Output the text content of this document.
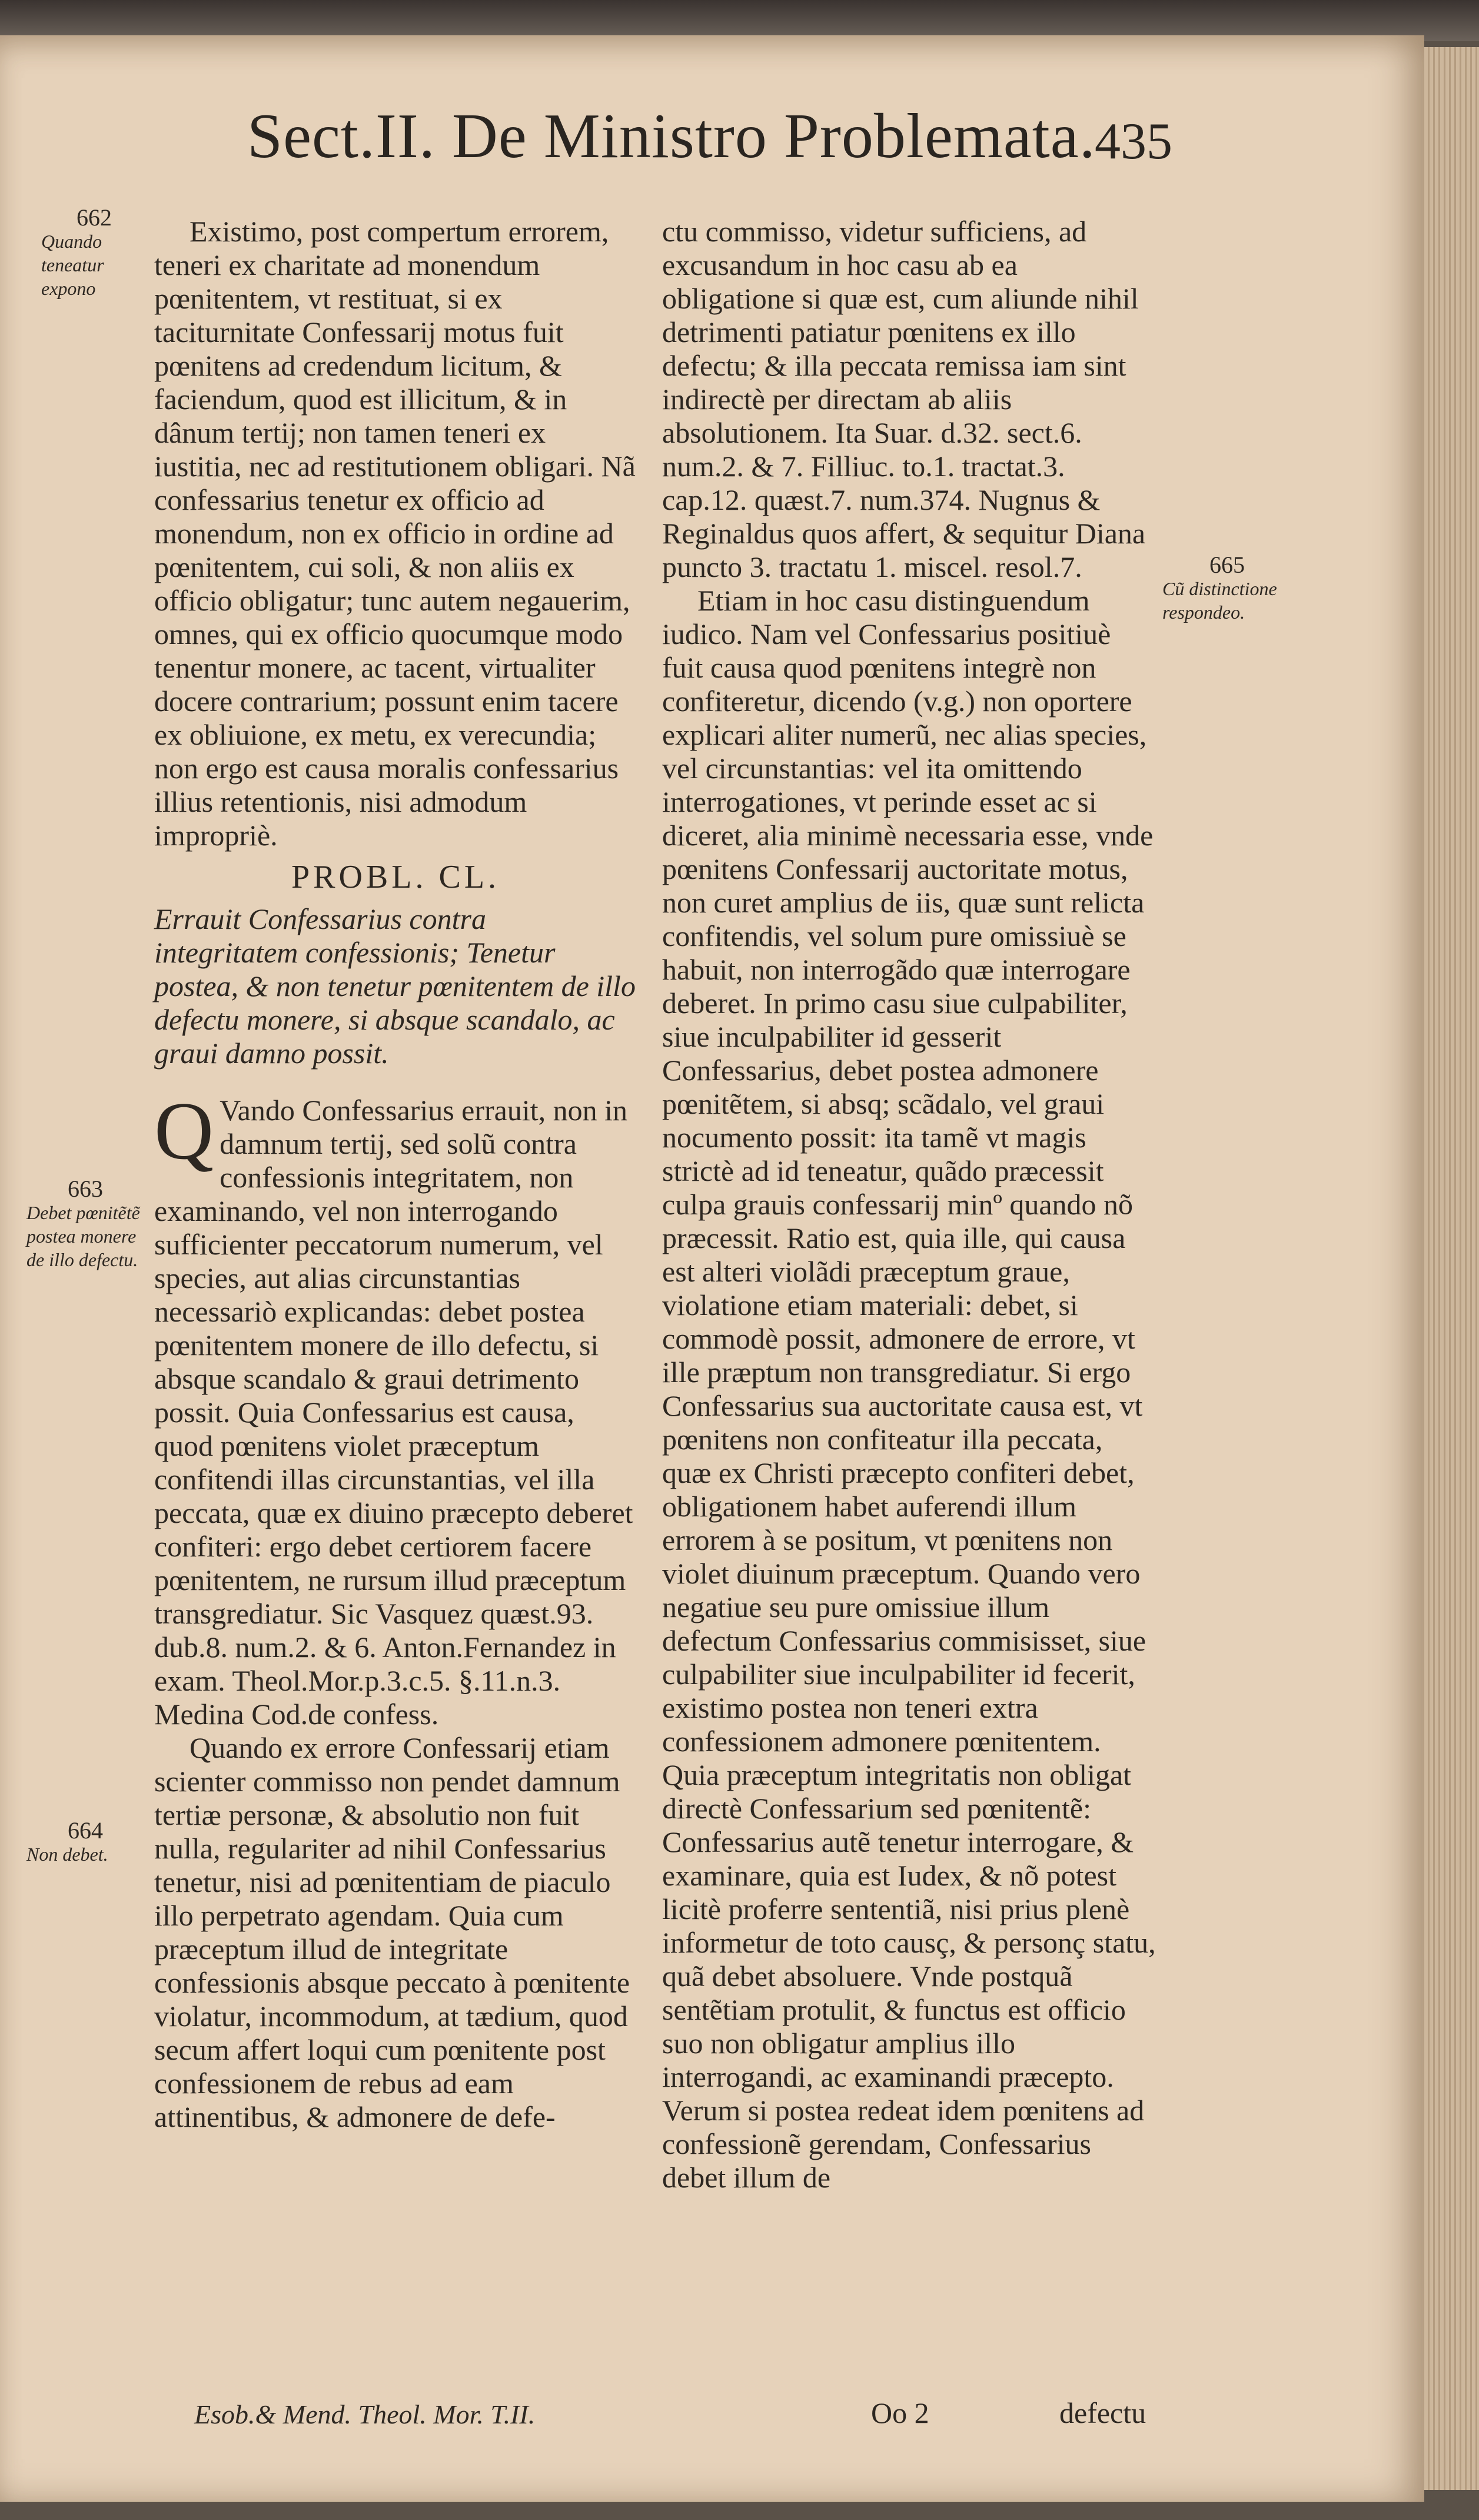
Sect.II. De Ministro Problemata.
435
662
Quando teneatur expono
663
Debet pœnitẽtẽ postea monere de illo defectu.
664
Non debet.
665
Cũ distinctione respondeo.

Existimo, post compertum errorem, teneri ex charitate ad monendum pœnitentem, vt restituat, si ex taciturnitate Confessarij motus fuit pœnitens ad credendum licitum, & faciendum, quod est illicitum, & in dânum tertij; non tamen teneri ex iustitia, nec ad restitutionem obligari. Nã confessarius tenetur ex officio ad monendum, non ex officio in ordine ad pœnitentem, cui soli, & non aliis ex officio obligatur; tunc autem negauerim, omnes, qui ex officio quocumque modo tenentur monere, ac tacent, virtualiter docere contrarium; possunt enim tacere ex obliuione, ex metu, ex verecundia; non ergo est causa moralis confessarius illius retentionis, nisi admodum impropriè.

PROBL. CL.

Errauit Confessarius contra integritatem confessionis; Tenetur postea, & non tenetur pœnitentem de illo defectu monere, si absque scandalo, ac graui damno possit.

Q Vando Confessarius errauit, non in damnum tertij, sed solũ contra confessionis integritatem, non examinando, vel non interrogando sufficienter peccatorum numerum, vel species, aut alias circunstantias necessariò explicandas: debet postea pœnitentem monere de illo defectu, si absque scandalo & graui detrimento possit. Quia Confessarius est causa, quod pœnitens violet præceptum confitendi illas circunstantias, vel illa peccata, quæ ex diuino præcepto deberet confiteri: ergo debet certiorem facere pœnitentem, ne rursum illud præceptum transgrediatur. Sic Vasquez quæst.93. dub.8. num.2. & 6. Anton.Fernandez in exam. Theol.Mor.p.3.c.5. §.11.n.3. Medina Cod.de confess.

Quando ex errore Confessarij etiam scienter commisso non pendet damnum tertiæ personæ, & absolutio non fuit nulla, regulariter ad nihil Confessarius tenetur, nisi ad pœnitentiam de piaculo illo perpetrato agendam. Quia cum præceptum illud de integritate confessionis absque peccato à pœnitente violatur, incommodum, at tædium, quod secum affert loqui cum pœnitente post confessionem de rebus ad eam attinentibus, & admonere de defe-

ctu commisso, videtur sufficiens, ad excusandum in hoc casu ab ea obligatione si quæ est, cum aliunde nihil detrimenti patiatur pœnitens ex illo defectu; & illa peccata remissa iam sint indirectè per directam ab aliis absolutionem. Ita Suar. d.32. sect.6. num.2. & 7. Filliuc. to.1. tractat.3. cap.12. quæst.7. num.374. Nugnus & Reginaldus quos affert, & sequitur Diana puncto 3. tractatu 1. miscel. resol.7.

Etiam in hoc casu distinguendum iudico. Nam vel Confessarius positiuè fuit causa quod pœnitens integrè non confiteretur, dicendo (v.g.) non oportere explicari aliter numerũ, nec alias species, vel circunstantias: vel ita omittendo interrogationes, vt perinde esset ac si diceret, alia minimè necessaria esse, vnde pœnitens Confessarij auctoritate motus, non curet amplius de iis, quæ sunt relicta confitendis, vel solum pure omissiuè se habuit, non interrogãdo quæ interrogare deberet. In primo casu siue culpabiliter, siue inculpabiliter id gesserit Confessarius, debet postea admonere pœnitẽtem, si absq; scãdalo, vel graui nocumento possit: ita tamẽ vt magis strictè ad id teneatur, quãdo præcessit culpa grauis confessarij minº quando nõ præcessit. Ratio est, quia ille, qui causa est alteri violãdi præceptum graue, violatione etiam materiali: debet, si commodè possit, admonere de errore, vt ille præptum non transgrediatur. Si ergo Confessarius sua auctoritate causa est, vt pœnitens non confiteatur illa peccata, quæ ex Christi præcepto confiteri debet, obligationem habet auferendi illum errorem à se positum, vt pœnitens non violet diuinum præceptum. Quando vero negatiue seu pure omissiue illum defectum Confessarius commisisset, siue culpabiliter siue inculpabiliter id fecerit, existimo postea non teneri extra confessionem admonere pœnitentem. Quia præceptum integritatis non obligat directè Confessarium sed pœnitentẽ: Confessarius autẽ tenetur interrogare, & examinare, quia est Iudex, & nõ potest licitè proferre sententiã, nisi prius plenè informetur de toto causç, & personç statu, quã debet absoluere. Vnde postquã sentẽtiam protulit, & functus est officio suo non obligatur amplius illo interrogandi, ac examinandi præcepto. Verum si postea redeat idem pœnitens ad confessionẽ gerendam, Confessarius debet illum de

Esob.& Mend. Theol. Mor. T.II.	Oo 2	defectu
